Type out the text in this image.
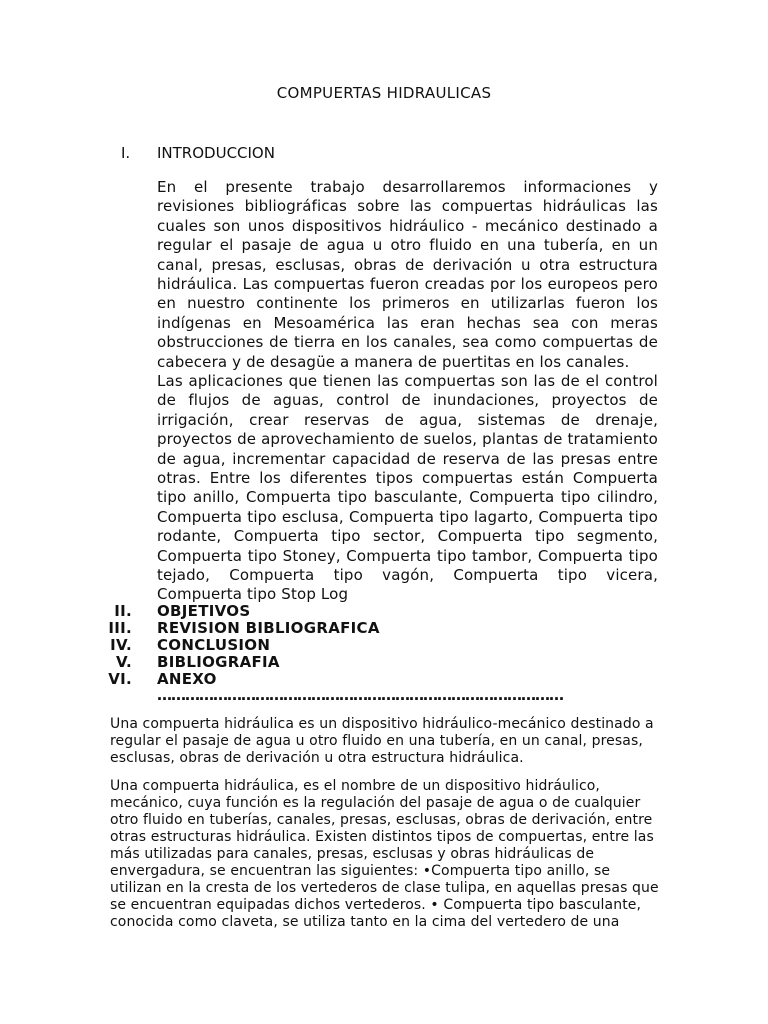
COMPUERTAS HIDRAULICAS
I. INTRODUCCION
En el presente trabajo desarrollaremos informaciones y revisiones bibliográficas sobre las compuertas hidráulicas las cuales son unos dispositivos hidráulico - mecánico destinado a regular el pasaje de agua u otro fluido en una tubería, en un canal, presas, esclusas, obras de derivación u otra estructura hidráulica. Las compuertas fueron creadas por los europeos pero en nuestro continente los primeros en utilizarlas fueron los indígenas en Mesoamérica las eran hechas sea con meras obstrucciones de tierra en los canales, sea como compuertas de cabecera y de desagüe a manera de puertitas en los canales.
Las aplicaciones que tienen las compuertas son las de el control de flujos de aguas, control de inundaciones, proyectos de irrigación, crear reservas de agua, sistemas de drenaje, proyectos de aprovechamiento de suelos, plantas de tratamiento de agua, incrementar capacidad de reserva de las presas entre otras. Entre los diferentes tipos compuertas están Compuerta tipo anillo, Compuerta tipo basculante, Compuerta tipo cilindro, Compuerta tipo esclusa, Compuerta tipo lagarto, Compuerta tipo rodante, Compuerta tipo sector, Compuerta tipo segmento, Compuerta tipo Stoney, Compuerta tipo tambor, Compuerta tipo tejado, Compuerta tipo vagón, Compuerta tipo vicera, Compuerta tipo Stop Log
II. OBJETIVOS
III. REVISION BIBLIOGRAFICA
IV. CONCLUSION
V. BIBLIOGRAFIA
VI. ANEXO
……………………………………………………………………………
Una compuerta hidráulica es un dispositivo hidráulico-mecánico destinado a regular el pasaje de agua u otro fluido en una tubería, en un canal, presas, esclusas, obras de derivación u otra estructura hidráulica.
Una compuerta hidráulica, es el nombre de un dispositivo hidráulico, mecánico, cuya función es la regulación del pasaje de agua o de cualquier otro fluido en tuberías, canales, presas, esclusas, obras de derivación, entre otras estructuras hidráulica. Existen distintos tipos de compuertas, entre las más utilizadas para canales, presas, esclusas y obras hidráulicas de envergadura, se encuentran las siguientes: •Compuerta tipo anillo, se utilizan en la cresta de los vertederos de clase tulipa, en aquellas presas que se encuentran equipadas dichos vertederos. • Compuerta tipo basculante, conocida como claveta, se utiliza tanto en la cima del vertedero de una
